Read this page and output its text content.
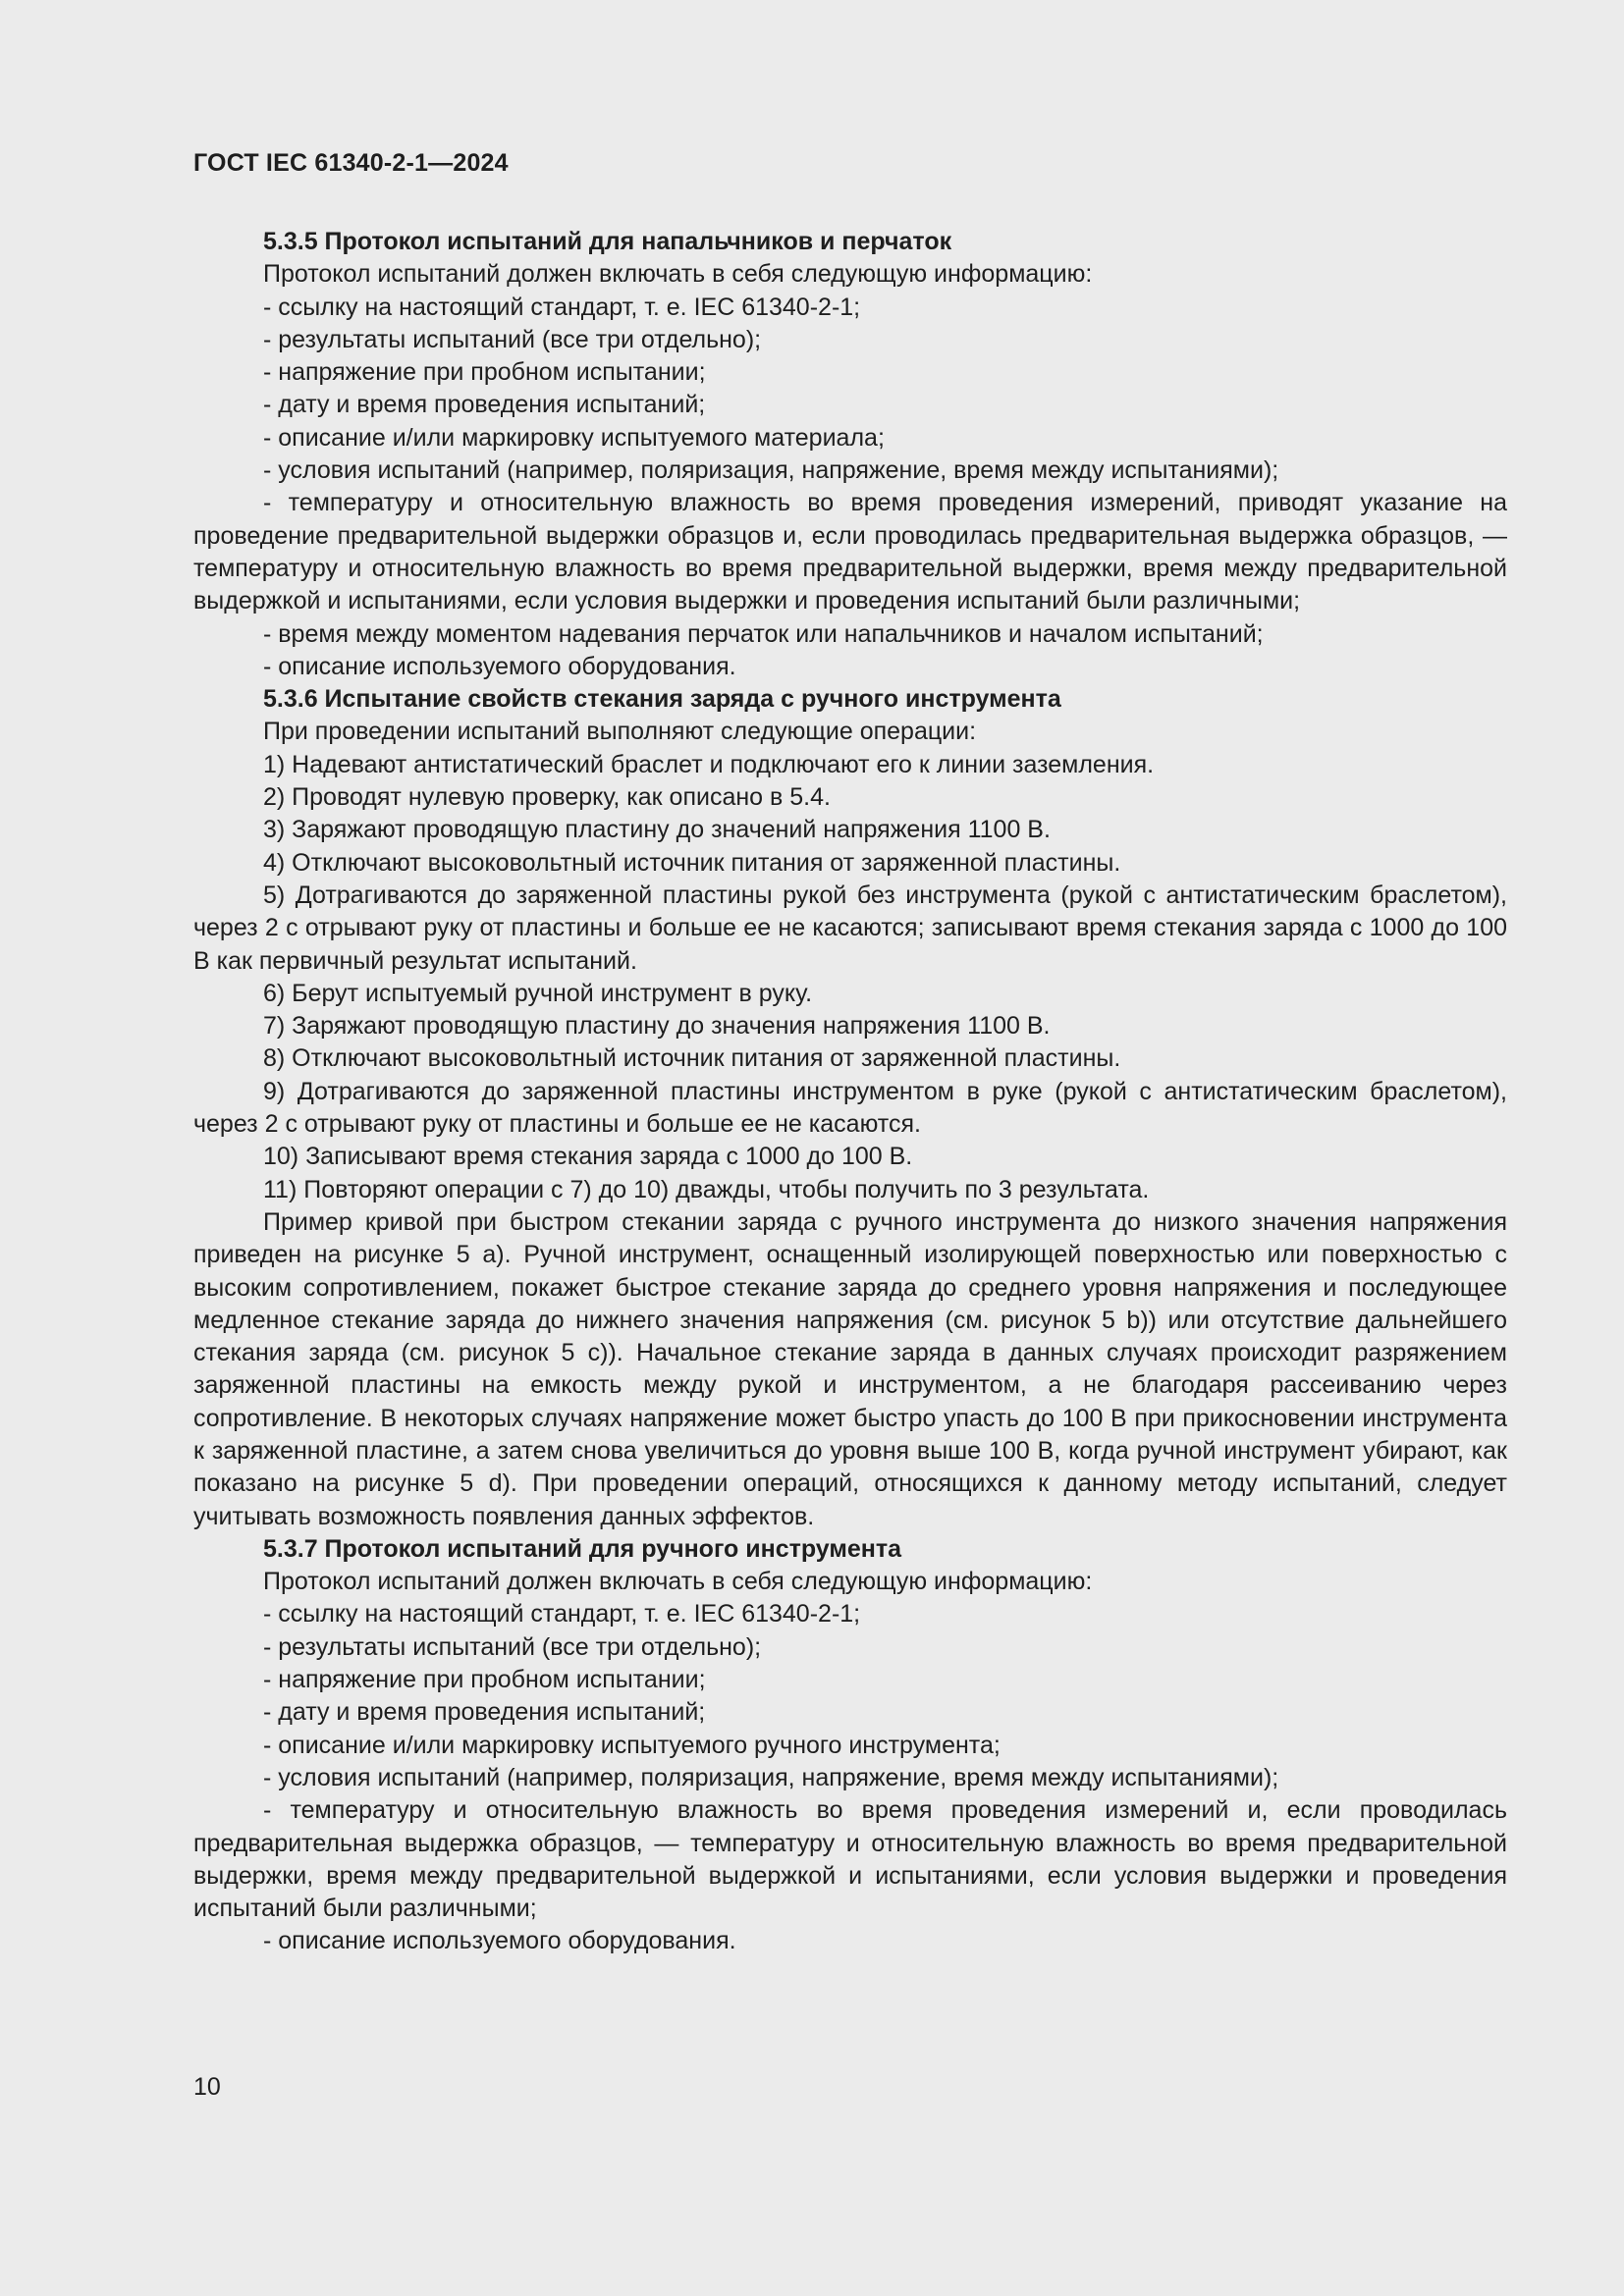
ГОСТ IEC 61340-2-1—2024

5.3.5 Протокол испытаний для напальчников и перчаток

Протокол испытаний должен включать в себя следующую информацию:

- ссылку на настоящий стандарт, т. е. IEC 61340-2-1;

- результаты испытаний (все три отдельно);

- напряжение при пробном испытании;

- дату и время проведения испытаний;

- описание и/или маркировку испытуемого материала;

- условия испытаний (например, поляризация, напряжение, время между испытаниями);

- температуру и относительную влажность во время проведения измерений, приводят указание на проведение предварительной выдержки образцов и, если проводилась предварительная выдержка образцов, — температуру и относительную влажность во время предварительной выдержки, время между предварительной выдержкой и испытаниями, если условия выдержки и проведения испытаний были различными;

- время между моментом надевания перчаток или напальчников и началом испытаний;

- описание используемого оборудования.

5.3.6 Испытание свойств стекания заряда с ручного инструмента

При проведении испытаний выполняют следующие операции:

1) Надевают антистатический браслет и подключают его к линии заземления.

2) Проводят нулевую проверку, как описано в 5.4.

3) Заряжают проводящую пластину до значений напряжения 1100 В.

4) Отключают высоковольтный источник питания от заряженной пластины.

5) Дотрагиваются до заряженной пластины рукой без инструмента (рукой с антистатическим браслетом), через 2 с отрывают руку от пластины и больше ее не касаются; записывают время стекания заряда с 1000 до 100 В как первичный результат испытаний.

6) Берут испытуемый ручной инструмент в руку.

7) Заряжают проводящую пластину до значения напряжения 1100 В.

8) Отключают высоковольтный источник питания от заряженной пластины.

9) Дотрагиваются до заряженной пластины инструментом в руке (рукой с антистатическим браслетом), через 2 с отрывают руку от пластины и больше ее не касаются.

10) Записывают время стекания заряда с 1000 до 100 В.

11) Повторяют операции с 7) до 10) дважды, чтобы получить по 3 результата.

Пример кривой при быстром стекании заряда с ручного инструмента до низкого значения напряжения приведен на рисунке 5 а). Ручной инструмент, оснащенный изолирующей поверхностью или поверхностью с высоким сопротивлением, покажет быстрое стекание заряда до среднего уровня напряжения и последующее медленное стекание заряда до нижнего значения напряжения (см. рисунок 5 b)) или отсутствие дальнейшего стекания заряда (см. рисунок 5 с)). Начальное стекание заряда в данных случаях происходит разряжением заряженной пластины на емкость между рукой и инструментом, а не благодаря рассеиванию через сопротивление. В некоторых случаях напряжение может быстро упасть до 100 В при прикосновении инструмента к заряженной пластине, а затем снова увеличиться до уровня выше 100 В, когда ручной инструмент убирают, как показано на рисунке 5 d). При проведении операций, относящихся к данному методу испытаний, следует учитывать возможность появления данных эффектов.

5.3.7 Протокол испытаний для ручного инструмента

Протокол испытаний должен включать в себя следующую информацию:

- ссылку на настоящий стандарт, т. е. IEC 61340-2-1;

- результаты испытаний (все три отдельно);

- напряжение при пробном испытании;

- дату и время проведения испытаний;

- описание и/или маркировку испытуемого ручного инструмента;

- условия испытаний (например, поляризация, напряжение, время между испытаниями);

- температуру и относительную влажность во время проведения измерений и, если проводилась предварительная выдержка образцов, — температуру и относительную влажность во время предварительной выдержки, время между предварительной выдержкой и испытаниями, если условия выдержки и проведения испытаний были различными;

- описание используемого оборудования.

10
